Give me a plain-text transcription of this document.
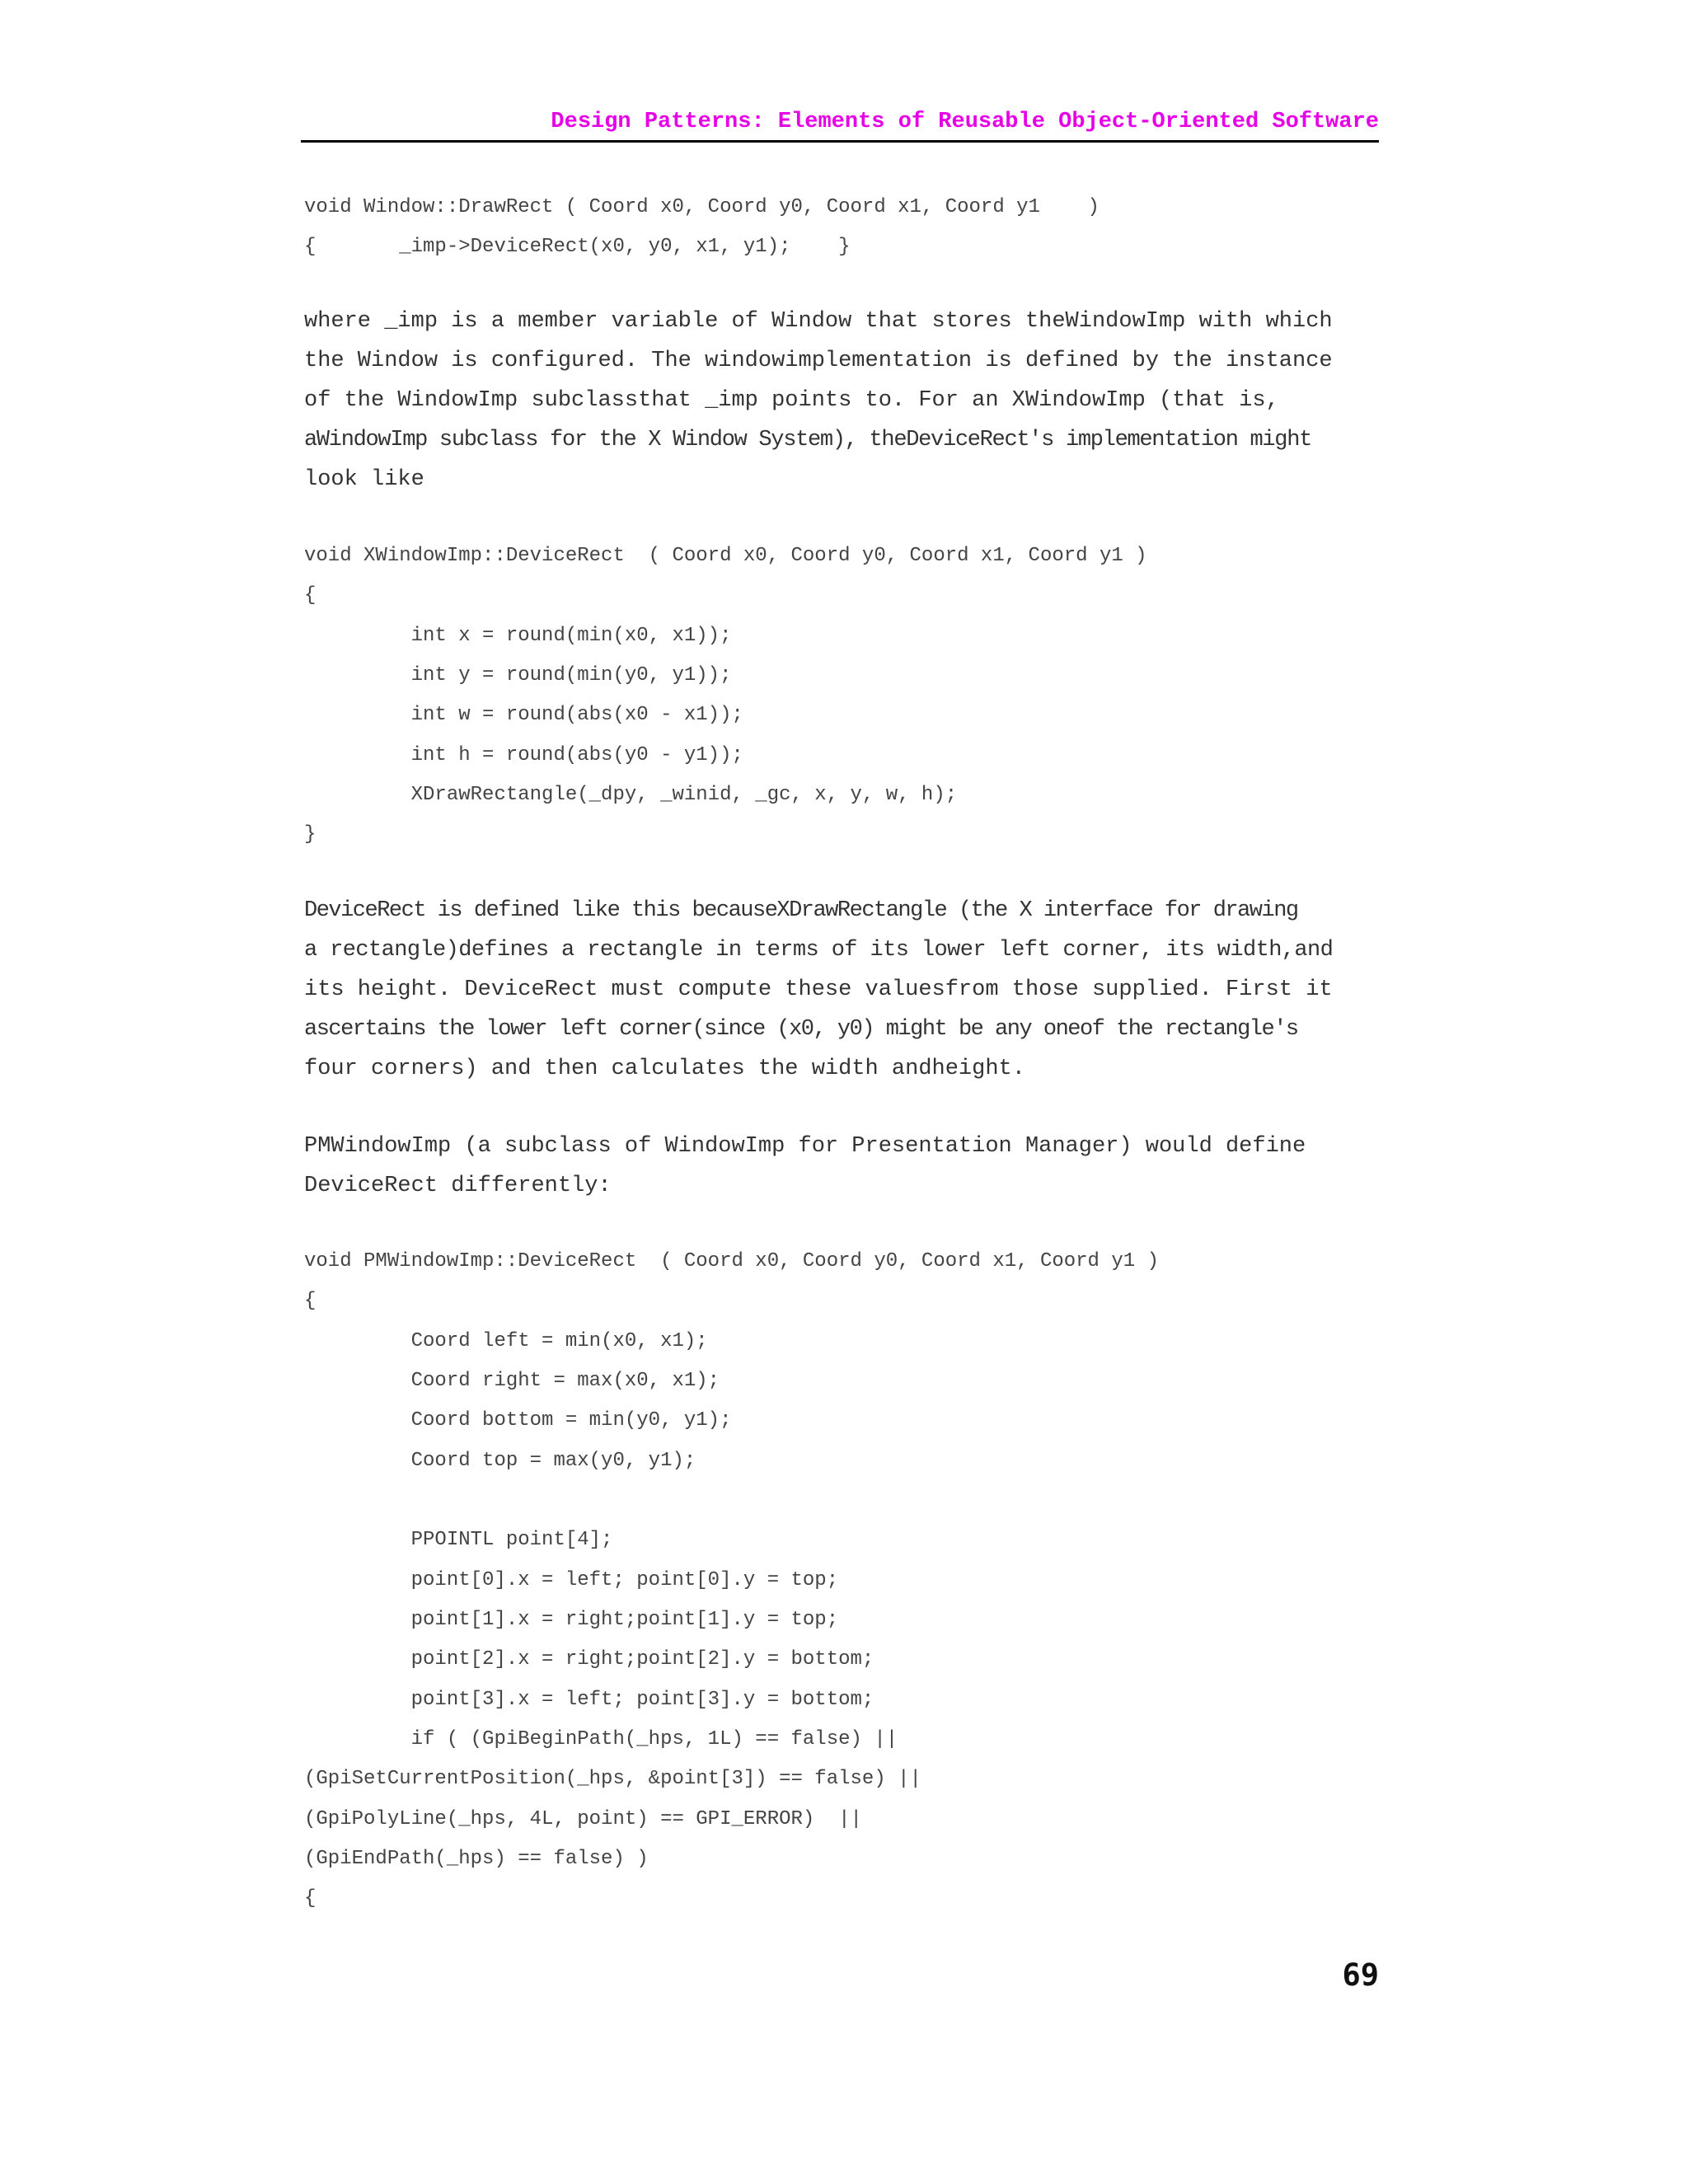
Design Patterns: Elements of Reusable Object-Oriented Software
void Window::DrawRect ( Coord x0, Coord y0, Coord x1, Coord y1    )
{       _imp->DeviceRect(x0, y0, x1, y1);    }
where _imp is a member variable of Window that stores theWindowImp with which
the Window is configured. The windowimplementation is defined by the instance
of the WindowImp subclassthat _imp points to. For an XWindowImp (that is,
aWindowImp subclass for the X Window System), theDeviceRect's implementation might
look like
void XWindowImp::DeviceRect  ( Coord x0, Coord y0, Coord x1, Coord y1 )
{
int x = round(min(x0, x1));
int y = round(min(y0, y1));
int w = round(abs(x0 - x1));
int h = round(abs(y0 - y1));
XDrawRectangle(_dpy, _winid, _gc, x, y, w, h);
}
DeviceRect is defined like this becauseXDrawRectangle (the X interface for drawing
a rectangle)defines a rectangle in terms of its lower left corner, its width,and
its height. DeviceRect must compute these valuesfrom those supplied. First it
ascertains the lower left corner(since (x0, y0) might be any oneof the rectangle's
four corners) and then calculates the width andheight.
PMWindowImp (a subclass of WindowImp for Presentation Manager) would define
DeviceRect differently:
void PMWindowImp::DeviceRect  ( Coord x0, Coord y0, Coord x1, Coord y1 )
{
Coord left = min(x0, x1);
Coord right = max(x0, x1);
Coord bottom = min(y0, y1);
Coord top = max(y0, y1);
PPOINTL point[4];
point[0].x = left; point[0].y = top;
point[1].x = right;point[1].y = top;
point[2].x = right;point[2].y = bottom;
point[3].x = left; point[3].y = bottom;
if ( (GpiBeginPath(_hps, 1L) == false) ||
(GpiSetCurrentPosition(_hps, &point[3]) == false) ||
(GpiPolyLine(_hps, 4L, point) == GPI_ERROR)  ||
(GpiEndPath(_hps) == false) )
{
69
